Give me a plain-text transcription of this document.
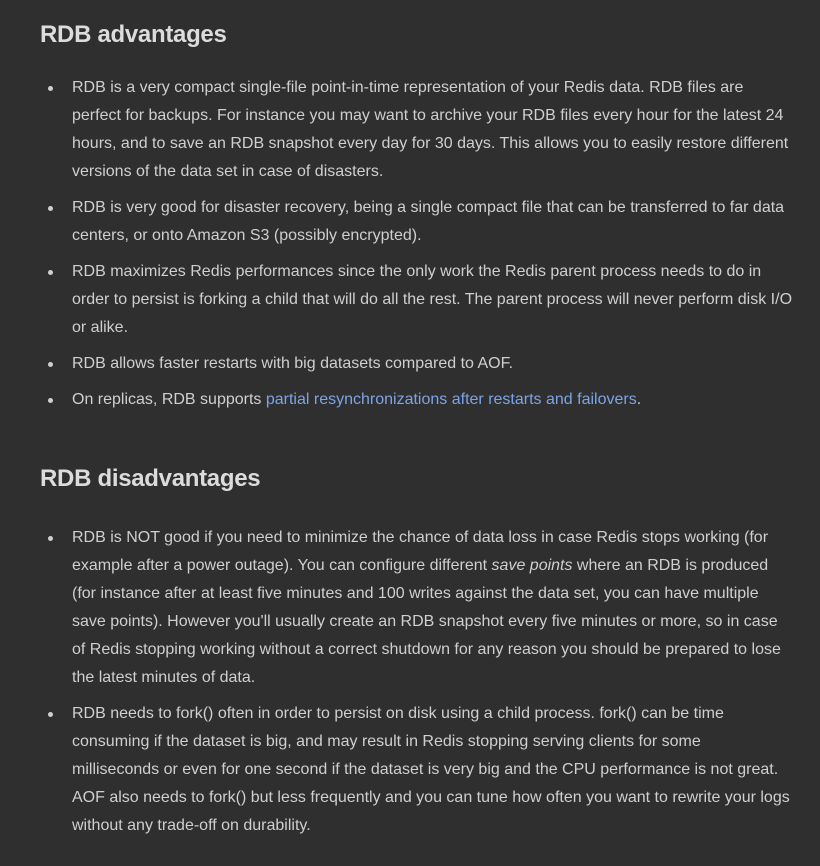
RDB advantages
RDB is a very compact single-file point-in-time representation of your Redis data. RDB files are perfect for backups. For instance you may want to archive your RDB files every hour for the latest 24 hours, and to save an RDB snapshot every day for 30 days. This allows you to easily restore different versions of the data set in case of disasters.
RDB is very good for disaster recovery, being a single compact file that can be transferred to far data centers, or onto Amazon S3 (possibly encrypted).
RDB maximizes Redis performances since the only work the Redis parent process needs to do in order to persist is forking a child that will do all the rest. The parent process will never perform disk I/O or alike.
RDB allows faster restarts with big datasets compared to AOF.
On replicas, RDB supports partial resynchronizations after restarts and failovers.
RDB disadvantages
RDB is NOT good if you need to minimize the chance of data loss in case Redis stops working (for example after a power outage). You can configure different save points where an RDB is produced (for instance after at least five minutes and 100 writes against the data set, you can have multiple save points). However you'll usually create an RDB snapshot every five minutes or more, so in case of Redis stopping working without a correct shutdown for any reason you should be prepared to lose the latest minutes of data.
RDB needs to fork() often in order to persist on disk using a child process. fork() can be time consuming if the dataset is big, and may result in Redis stopping serving clients for some milliseconds or even for one second if the dataset is very big and the CPU performance is not great. AOF also needs to fork() but less frequently and you can tune how often you want to rewrite your logs without any trade-off on durability.
